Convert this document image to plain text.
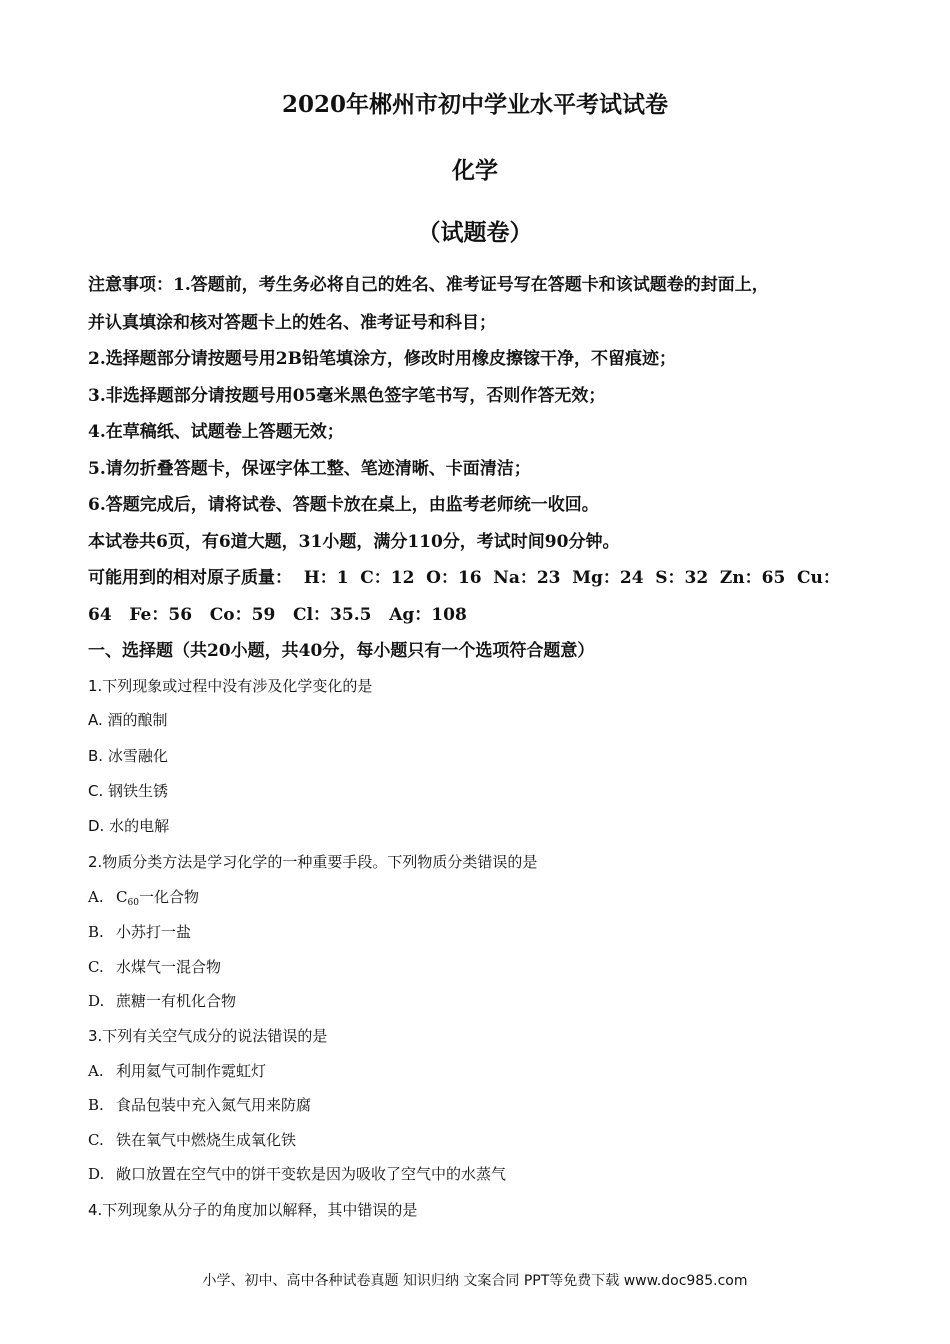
2020年郴州市初中学业水平考试试卷
化学
（试题卷）
注意事项：1.答题前，考生务必将自己的姓名、准考证号写在答题卡和该试题卷的封面上，
并认真填涂和核对答题卡上的姓名、准考证号和科目；
2.选择题部分请按题号用2B铅笔填涂方，修改时用橡皮擦镓干净，不留痕迹；
3.非选择题部分请按题号用05毫米黑色签字笔书写，否则作答无效；
4.在草稿纸、试题卷上答题无效；
5.请勿折叠答题卡，保诬字体工整、笔迹清晰、卡面清洁；
6.答题完成后，请将试卷、答题卡放在桌上，由监考老师统一收回。
本试卷共6页，有6道大题，31小题，满分110分，考试时间90分钟。
可能用到的相对原子质量： H：1 C：12 O：16 Na：23 Mg：24 S：32 Zn：65 Cu：
64   Fe：56   Co：59   Cl：35.5   Ag：108
一、选择题（共20小题，共40分，每小题只有一个选项符合题意）
1.下列现象或过程中没有涉及化学变化的是
A. 酒的酿制
B. 冰雪融化
C. 钢铁生锈
D. 水的电解
2.物质分类方法是学习化学的一种重要手段。下列物质分类错误的是
A. $C_{60}$一化合物
B. 小苏打一盐
C. 水煤气一混合物
D. 蔗糖一有机化合物
3.下列有关空气成分的说法错误的是
A. 利用氦气可制作霓虹灯
B. 食品包装中充入氮气用来防腐
C. 铁在氧气中燃烧生成氧化铁
D. 敞口放置在空气中的饼干变软是因为吸收了空气中的水蒸气
4.下列现象从分子的角度加以解释，其中错误的是
小学、初中、高中各种试卷真题 知识归纳 文案合同 PPT等免费下载 www.doc985.com
